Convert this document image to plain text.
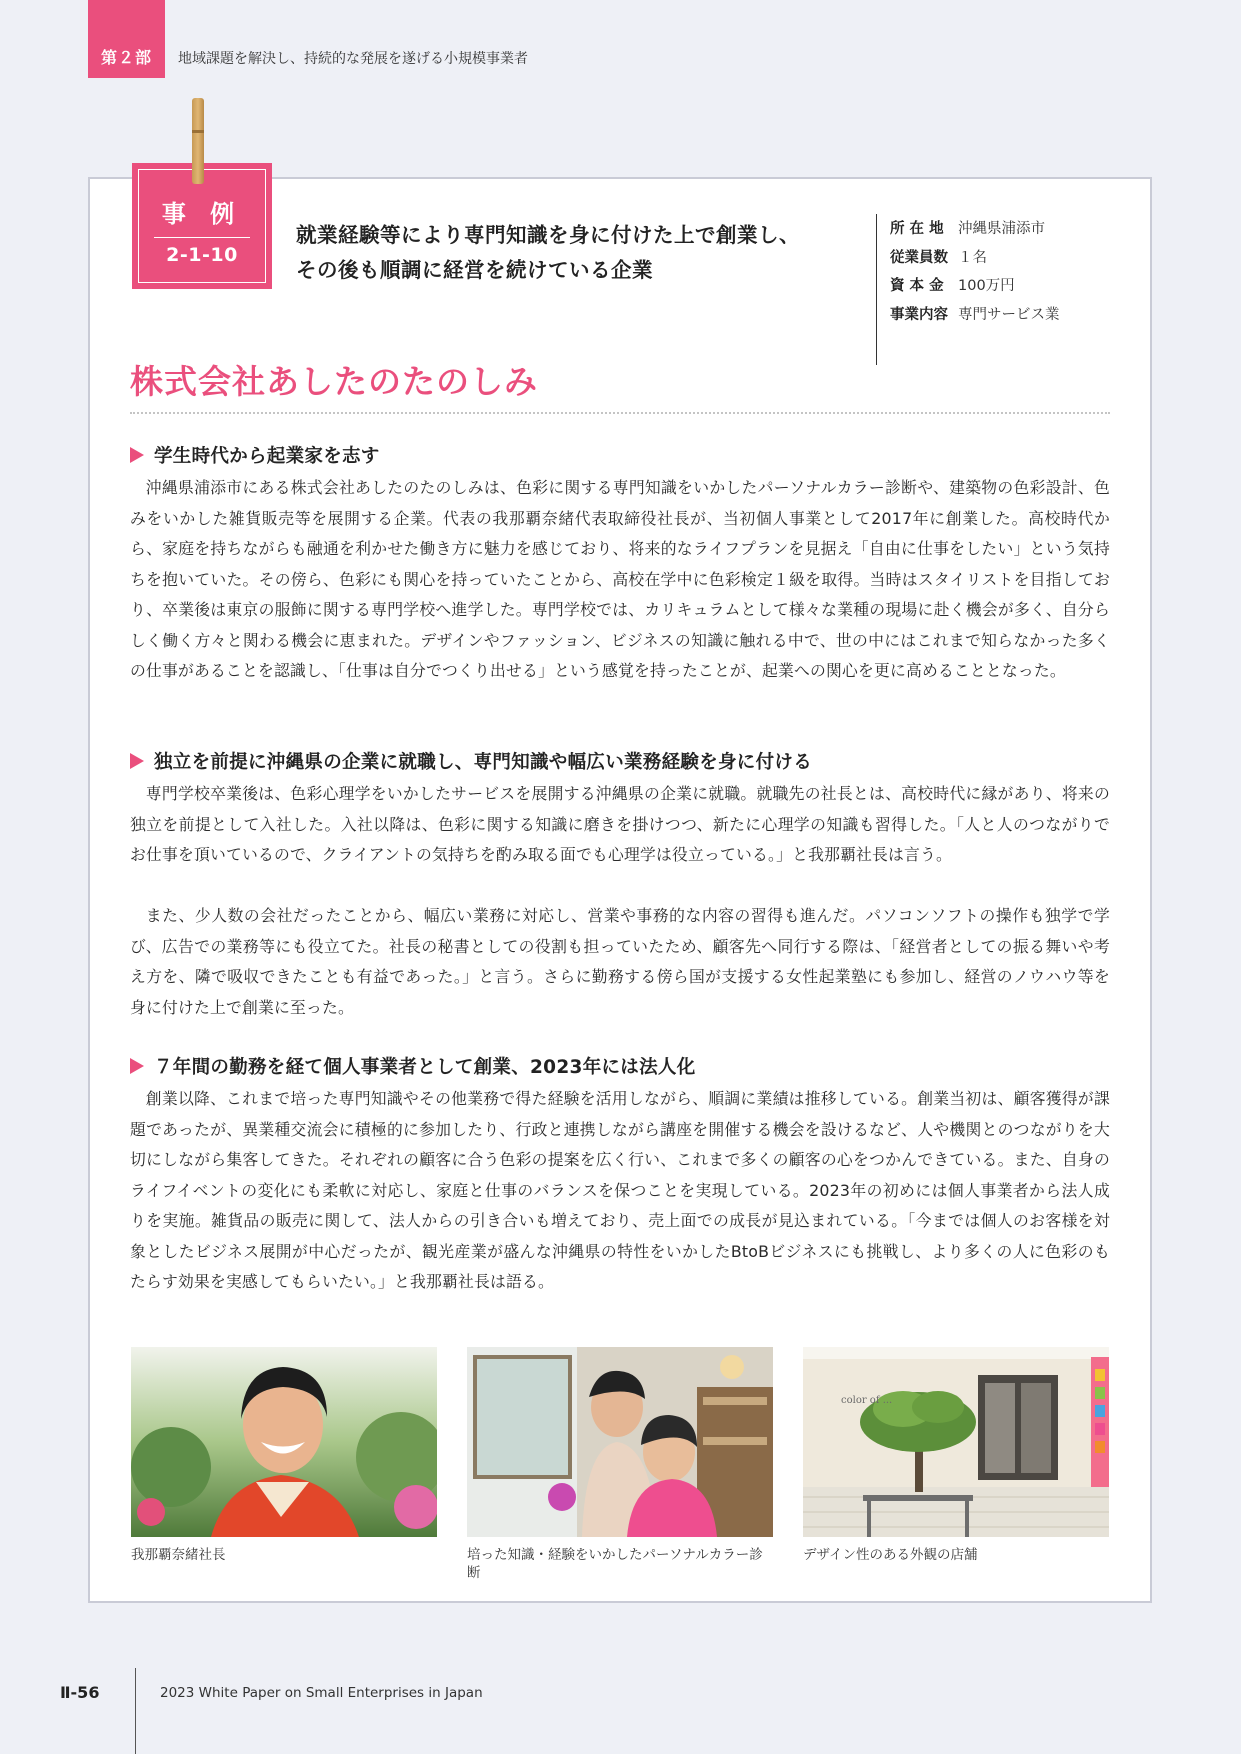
第２部	地域課題を解決し、持続的な発展を遂げる小規模事業者
事 例
2-1-10
就業経験等により専門知識を身に付けた上で創業し、
その後も順調に経営を続けている企業
所 在 地 沖縄県浦添市
従業員数 １名
資 本 金 100万円
事業内容 専門サービス業
株式会社あしたのたのしみ
学生時代から起業家を志す

沖縄県浦添市にある株式会社あしたのたのしみは、色彩に関する専門知識をいかしたパーソナルカラー診断や、建築物の色彩設計、色みをいかした雑貨販売等を展開する企業。代表の我那覇奈緒代表取締役社長が、当初個人事業として2017年に創業した。高校時代から、家庭を持ちながらも融通を利かせた働き方に魅力を感じており、将来的なライフプランを見据え「自由に仕事をしたい」という気持ちを抱いていた。その傍ら、色彩にも関心を持っていたことから、高校在学中に色彩検定１級を取得。当時はスタイリストを目指しており、卒業後は東京の服飾に関する専門学校へ進学した。専門学校では、カリキュラムとして様々な業種の現場に赴く機会が多く、自分らしく働く方々と関わる機会に恵まれた。デザインやファッション、ビジネスの知識に触れる中で、世の中にはこれまで知らなかった多くの仕事があることを認識し、「仕事は自分でつくり出せる」という感覚を持ったことが、起業への関心を更に高めることとなった。

独立を前提に沖縄県の企業に就職し、専門知識や幅広い業務経験を身に付ける

専門学校卒業後は、色彩心理学をいかしたサービスを展開する沖縄県の企業に就職。就職先の社長とは、高校時代に縁があり、将来の独立を前提として入社した。入社以降は、色彩に関する知識に磨きを掛けつつ、新たに心理学の知識も習得した。「人と人のつながりでお仕事を頂いているので、クライアントの気持ちを酌み取る面でも心理学は役立っている。」と我那覇社長は言う。

また、少人数の会社だったことから、幅広い業務に対応し、営業や事務的な内容の習得も進んだ。パソコンソフトの操作も独学で学び、広告での業務等にも役立てた。社長の秘書としての役割も担っていたため、顧客先へ同行する際は、「経営者としての振る舞いや考え方を、隣で吸収できたことも有益であった。」と言う。さらに勤務する傍ら国が支援する女性起業塾にも参加し、経営のノウハウ等を身に付けた上で創業に至った。

７年間の勤務を経て個人事業者として創業、2023年には法人化

創業以降、これまで培った専門知識やその他業務で得た経験を活用しながら、順調に業績は推移している。創業当初は、顧客獲得が課題であったが、異業種交流会に積極的に参加したり、行政と連携しながら講座を開催する機会を設けるなど、人や機関とのつながりを大切にしながら集客してきた。それぞれの顧客に合う色彩の提案を広く行い、これまで多くの顧客の心をつかんできている。また、自身のライフイベントの変化にも柔軟に対応し、家庭と仕事のバランスを保つことを実現している。2023年の初めには個人事業者から法人成りを実施。雑貨品の販売に関して、法人からの引き合いも増えており、売上面での成長が見込まれている。「今までは個人のお客様を対象としたビジネス展開が中心だったが、観光産業が盛んな沖縄県の特性をいかしたBtoBビジネスにも挑戦し、より多くの人に色彩のもたらす効果を実感してもらいたい。」と我那覇社長は語る。

color of ...
我那覇奈緒社長	培った知識・経験をいかしたパーソナルカラー診断
デザイン性のある外観の店舗
Ⅱ-56	2023 White Paper on Small Enterprises in Japan
